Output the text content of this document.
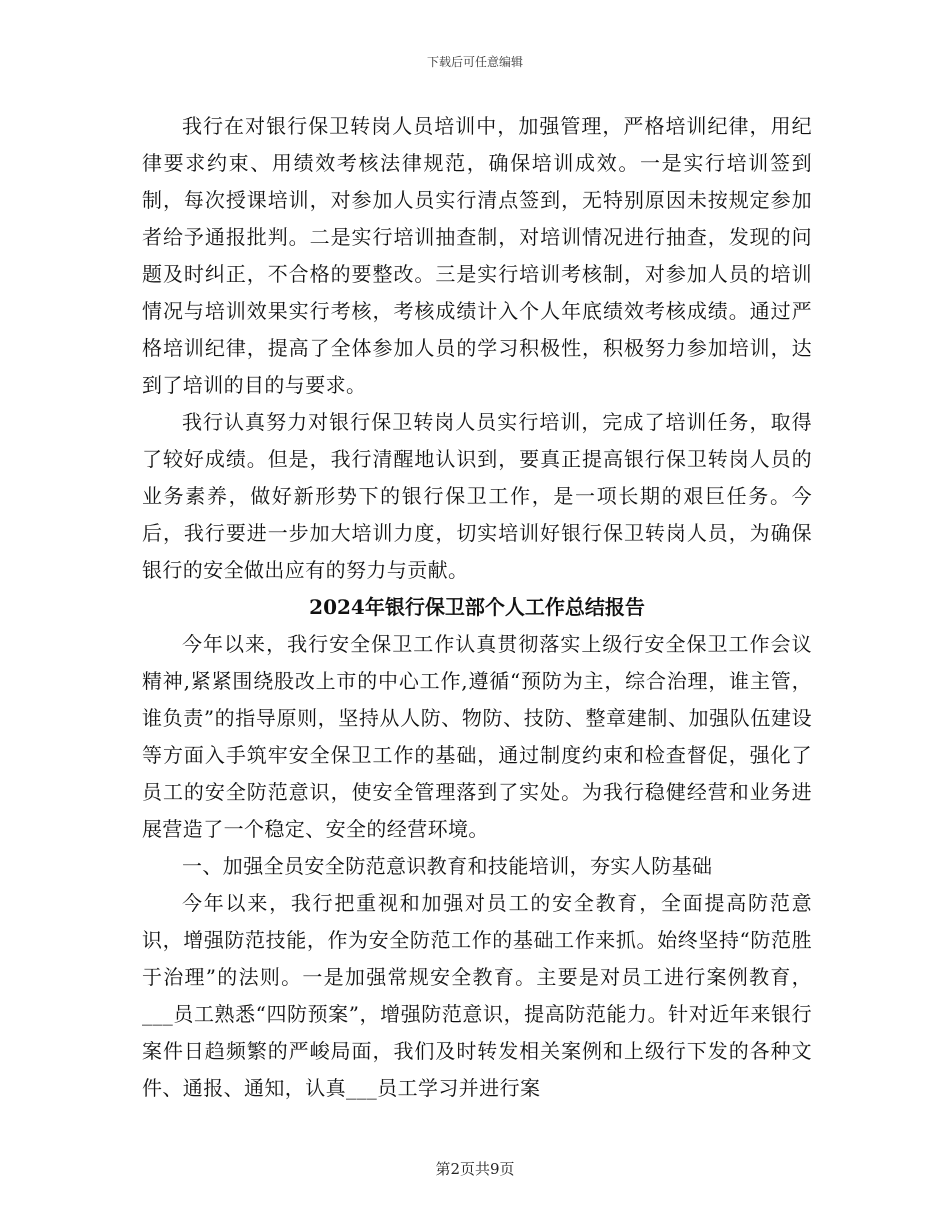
下载后可任意编辑

我行在对银行保卫转岗人员培训中，加强管理，严格培训纪律，用纪律要求约束、用绩效考核法律规范，确保培训成效。一是实行培训签到制，每次授课培训，对参加人员实行清点签到，无特别原因未按规定参加者给予通报批判。二是实行培训抽查制，对培训情况进行抽查，发现的问题及时纠正，不合格的要整改。三是实行培训考核制，对参加人员的培训情况与培训效果实行考核，考核成绩计入个人年底绩效考核成绩。通过严格培训纪律，提高了全体参加人员的学习积极性，积极努力参加培训，达到了培训的目的与要求。

我行认真努力对银行保卫转岗人员实行培训，完成了培训任务，取得了较好成绩。但是，我行清醒地认识到，要真正提高银行保卫转岗人员的业务素养，做好新形势下的银行保卫工作，是一项长期的艰巨任务。今后，我行要进一步加大培训力度，切实培训好银行保卫转岗人员，为确保银行的安全做出应有的努力与贡献。

2024年银行保卫部个人工作总结报告

今年以来，我行安全保卫工作认真贯彻落实上级行安全保卫工作会议精神,紧紧围绕股改上市的中心工作,遵循“预防为主，综合治理，谁主管，谁负责”的指导原则，坚持从人防、物防、技防、整章建制、加强队伍建设等方面入手筑牢安全保卫工作的基础，通过制度约束和检查督促，强化了员工的安全防范意识，使安全管理落到了实处。为我行稳健经营和业务进展营造了一个稳定、安全的经营环境。

一、加强全员安全防范意识教育和技能培训，夯实人防基础

今年以来，我行把重视和加强对员工的安全教育，全面提高防范意识，增强防范技能，作为安全防范工作的基础工作来抓。始终坚持“防范胜于治理”的法则。一是加强常规安全教育。主要是对员工进行案例教育，___员工熟悉“四防预案”，增强防范意识，提高防范能力。针对近年来银行案件日趋频繁的严峻局面，我们及时转发相关案例和上级行下发的各种文件、通报、通知，认真___员工学习并进行案

第2页共9页
